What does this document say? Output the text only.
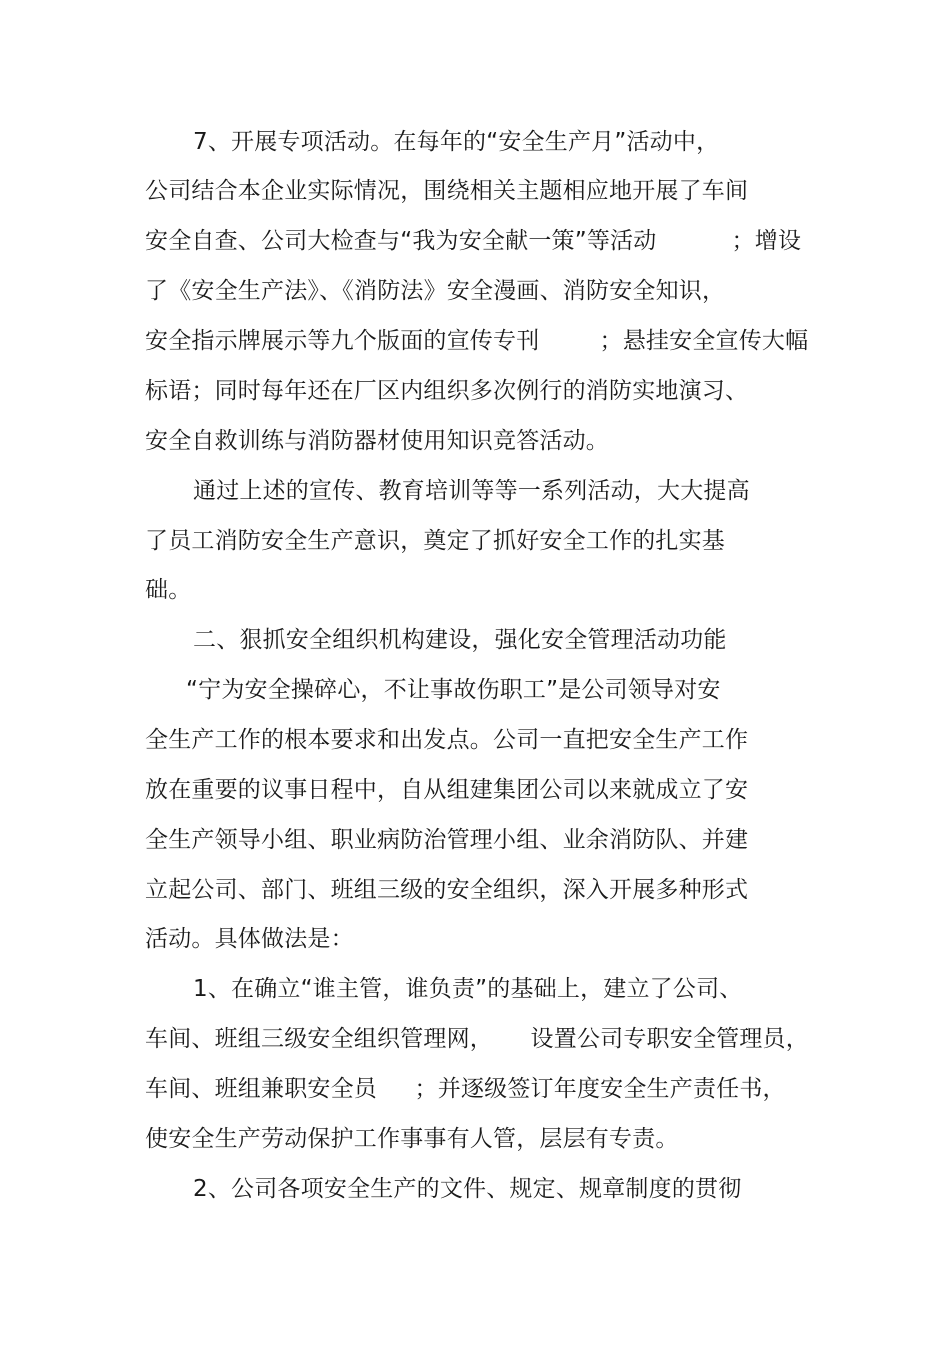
7、开展专项活动。在每年的“安全生产月”活动中，
公司结合本企业实际情况，围绕相关主题相应地开展了车间
安全自查、公司大检查与“我为安全献一策”等活动          ；增设
了《安全生产法》、《消防法》安全漫画、消防安全知识，
安全指示牌展示等九个版面的宣传专刊        ；悬挂安全宣传大幅
标语；同时每年还在厂区内组织多次例行的消防实地演习、
安全自救训练与消防器材使用知识竞答活动。
通过上述的宣传、教育培训等等一系列活动，大大提高
了员工消防安全生产意识，奠定了抓好安全工作的扎实基
础。
二、狠抓安全组织机构建设，强化安全管理活动功能
“宁为安全操碎心，不让事故伤职工”是公司领导对安
全生产工作的根本要求和出发点。公司一直把安全生产工作
放在重要的议事日程中，自从组建集团公司以来就成立了安
全生产领导小组、职业病防治管理小组、业余消防队、并建
立起公司、部门、班组三级的安全组织，深入开展多种形式
活动。具体做法是：
1、在确立“谁主管，谁负责”的基础上，建立了公司、
车间、班组三级安全组织管理网，     设置公司专职安全管理员，
车间、班组兼职安全员     ；并逐级签订年度安全生产责任书，
使安全生产劳动保护工作事事有人管，层层有专责。
2、公司各项安全生产的文件、规定、规章制度的贯彻
